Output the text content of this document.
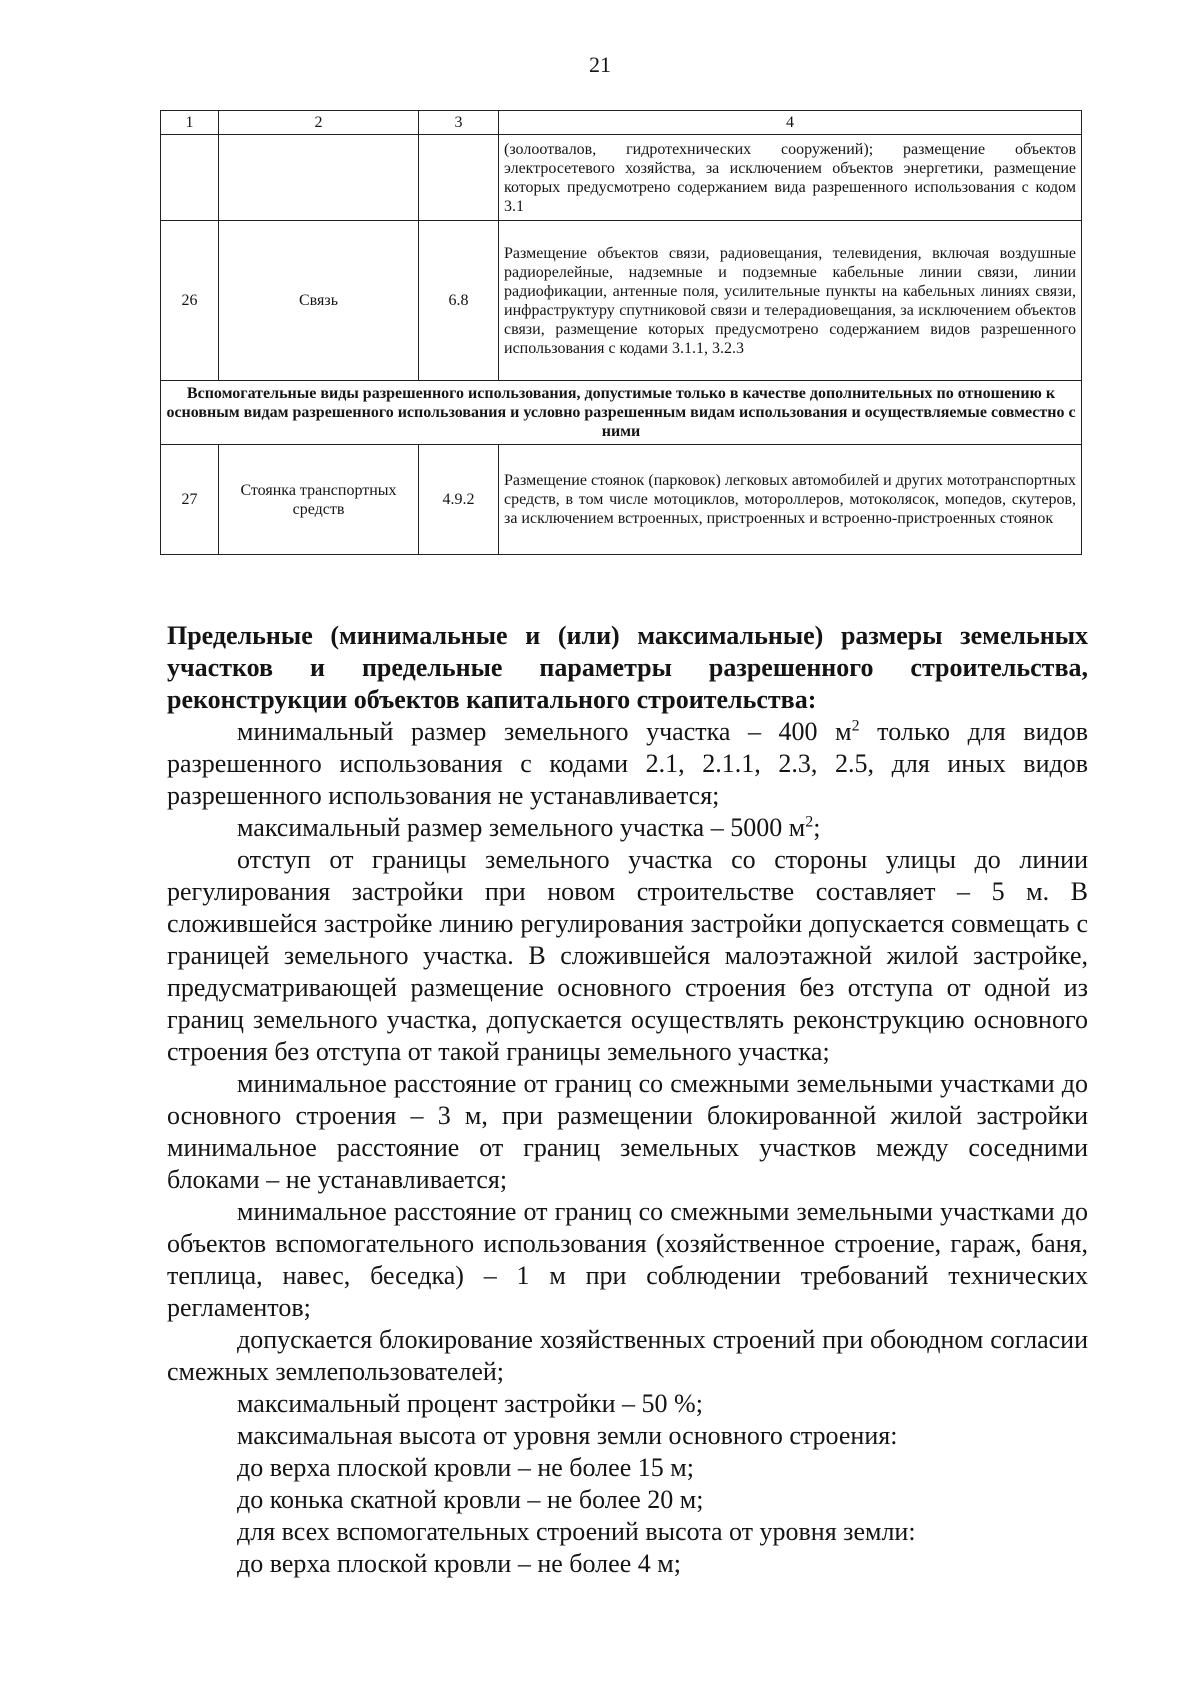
21
1	2	3	4
			(золоотвалов, гидротехнических сооружений); размещение объектов электросетевого хозяйства, за исключением объектов энергетики, размещение которых предусмотрено содержанием вида разрешенного использования с кодом 3.1
26	Связь	6.8	Размещение объектов связи, радиовещания, телевидения, включая воздушные радиорелейные, надземные и подземные кабельные линии связи, линии радиофикации, антенные поля, усилительные пункты на кабельных линиях связи, инфраструктуру спутниковой связи и телерадиовещания, за исключением объектов связи, размещение которых предусмотрено содержанием видов разрешенного использования с кодами 3.1.1, 3.2.3
Вспомогательные виды разрешенного использования, допустимые только в качестве дополнительных по отношению к основным видам разрешенного использования и условно разрешенным видам использования и осуществляемые совместно с ними			
27	Стоянка транспортных средств	4.9.2	Размещение стоянок (парковок) легковых автомобилей и других мототранспортных средств, в том числе мотоциклов, мотороллеров, мотоколясок, мопедов, скутеров, за исключением встроенных, пристроенных и встроенно-пристроенных стоянок

Предельные (минимальные и (или) максимальные) размеры земельных участков и предельные параметры разрешенного строительства, реконструкции объектов капитального строительства:

минимальный размер земельного участка – 400 $м^2$ только для видов разрешенного использования с кодами 2.1, 2.1.1, 2.3, 2.5, для иных видов разрешенного использования не устанавливается;

максимальный размер земельного участка – 5000 $м^2$;

отступ от границы земельного участка со стороны улицы до линии регулирования застройки при новом строительстве составляет – 5 м. В сложившейся застройке линию регулирования застройки допускается совмещать с границей земельного участка. В сложившейся малоэтажной жилой застройке, предусматривающей размещение основного строения без отступа от одной из границ земельного участка, допускается осуществлять реконструкцию основного строения без отступа от такой границы земельного участка;

минимальное расстояние от границ со смежными земельными участками до основного строения – 3 м, при размещении блокированной жилой застройки минимальное расстояние от границ земельных участков между соседними блоками – не устанавливается;

минимальное расстояние от границ со смежными земельными участками до объектов вспомогательного использования (хозяйственное строение, гараж, баня, теплица, навес, беседка) – 1 м при соблюдении требований технических регламентов;

допускается блокирование хозяйственных строений при обоюдном согласии смежных землепользователей;

максимальный процент застройки – 50 %;

максимальная высота от уровня земли основного строения:

до верха плоской кровли – не более 15 м;

до конька скатной кровли – не более 20 м;

для всех вспомогательных строений высота от уровня земли:

до верха плоской кровли – не более 4 м;
